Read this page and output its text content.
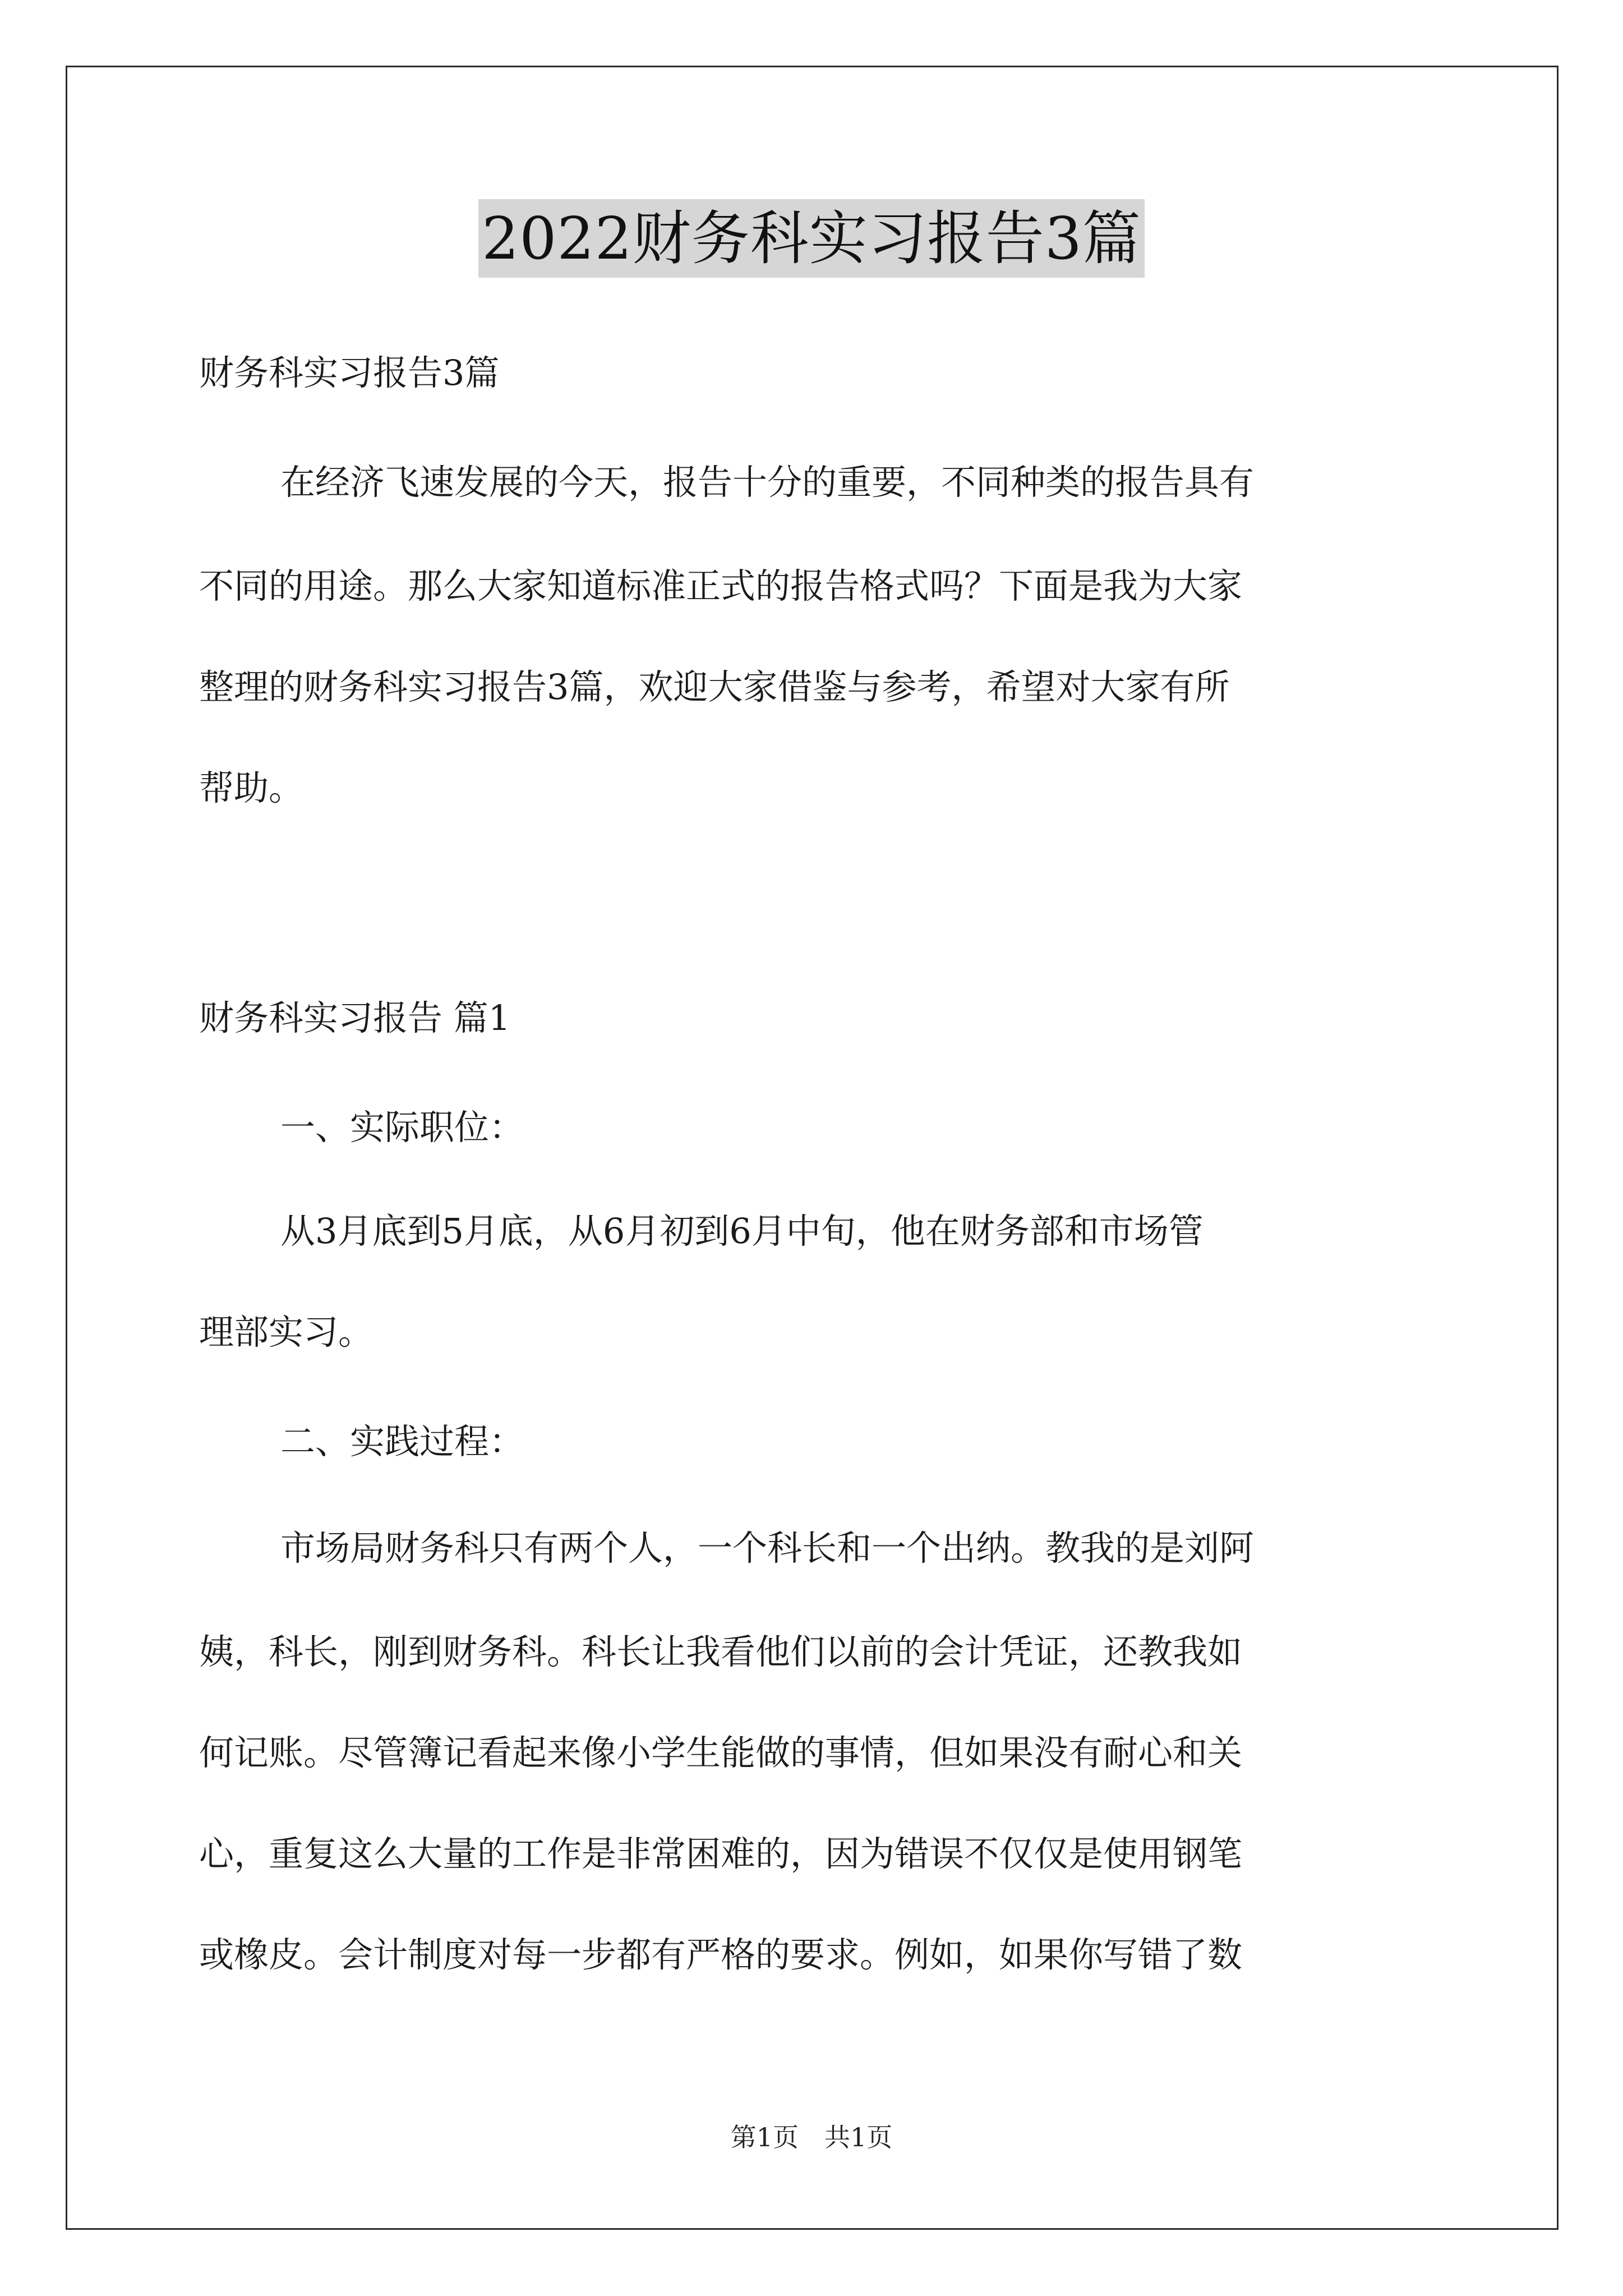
2022财务科实习报告3篇

财务科实习报告3篇

在经济飞速发展的今天，报告十分的重要，不同种类的报告具有

不同的用途。那么大家知道标准正式的报告格式吗？下面是我为大家

整理的财务科实习报告3篇，欢迎大家借鉴与参考，希望对大家有所

帮助。

财务科实习报告 篇1

一、实际职位：

从3月底到5月底，从6月初到6月中旬，他在财务部和市场管

理部实习。

二、实践过程：

市场局财务科只有两个人，一个科长和一个出纳。教我的是刘阿

姨，科长，刚到财务科。科长让我看他们以前的会计凭证，还教我如

何记账。尽管簿记看起来像小学生能做的事情，但如果没有耐心和关

心，重复这么大量的工作是非常困难的，因为错误不仅仅是使用钢笔

或橡皮。会计制度对每一步都有严格的要求。例如，如果你写错了数

第1页　共1页
